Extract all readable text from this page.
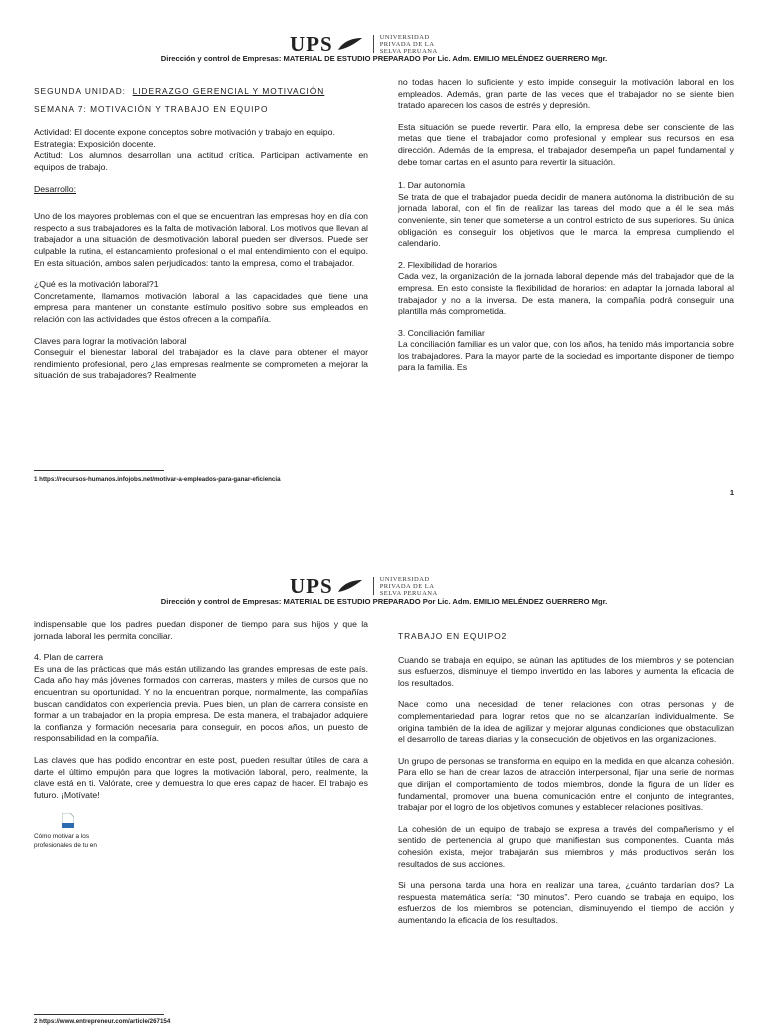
UPS	UNIVERSIDAD
PRIVADA DE LA
SELVA PERUANA
Dirección y control de Empresas: MATERIAL DE ESTUDIO PREPARADO Por Lic. Adm. EMILIO MELÉNDEZ GUERRERO Mgr.

SEGUNDA UNIDAD: LIDERAZGO GERENCIAL Y MOTIVACIÓN

SEMANA 7: MOTIVACIÓN Y TRABAJO EN EQUIPO

Actividad: El docente expone conceptos sobre motivación y trabajo en equipo.

Estrategia: Exposición docente.

Actitud: Los alumnos desarrollan una actitud crítica. Participan activamente en equipos de trabajo.

Desarrollo:

Uno de los mayores problemas con el que se encuentran las empresas hoy en día con respecto a sus trabajadores es la falta de motivación laboral. Los motivos que llevan al trabajador a una situación de desmotivación laboral pueden ser diversos. Puede ser culpable la rutina, el estancamiento profesional o el mal entendimiento con el equipo. En esta situación, ambos salen perjudicados: tanto la empresa, como el trabajador.

¿Qué es la motivación laboral?1

Concretamente, llamamos motivación laboral a las capacidades que tiene una empresa para mantener un constante estímulo positivo sobre sus empleados en relación con las actividades que éstos ofrecen a la compañía.

Claves para lograr la motivación laboral

Conseguir el bienestar laboral del trabajador es la clave para obtener el mayor rendimiento profesional, pero ¿las empresas realmente se comprometen a mejorar la situación de sus trabajadores? Realmente

no todas hacen lo suficiente y esto impide conseguir la motivación laboral en los empleados. Además, gran parte de las veces que el trabajador no se siente bien tratado aparecen los casos de estrés y depresión.

Esta situación se puede revertir. Para ello, la empresa debe ser consciente de las metas que tiene el trabajador como profesional y emplear sus recursos en esa dirección. Además de la empresa, el trabajador desempeña un papel fundamental y debe tomar cartas en el asunto para revertir la situación.

1. Dar autonomía

Se trata de que el trabajador pueda decidir de manera autónoma la distribución de su jornada laboral, con el fin de realizar las tareas del modo que a él le sea más conveniente, sin tener que someterse a un control estricto de sus superiores. Su única obligación es conseguir los objetivos que le marca la empresa cumpliendo el calendario.

2. Flexibilidad de horarios

Cada vez, la organización de la jornada laboral depende más del trabajador que de la empresa. En esto consiste la flexibilidad de horarios: en adaptar la jornada laboral al trabajador y no a la inversa. De esta manera, la compañía podrá conseguir una plantilla más comprometida.

3. Conciliación familiar

La conciliación familiar es un valor que, con los años, ha tenido más importancia sobre los trabajadores. Para la mayor parte de la sociedad es importante disponer de tiempo para la familia. Es

1 https://recursos-humanos.infojobs.net/motivar-a-empleados-para-ganar-eficiencia
1
UPS	UNIVERSIDAD
PRIVADA DE LA
SELVA PERUANA
Dirección y control de Empresas: MATERIAL DE ESTUDIO PREPARADO Por Lic. Adm. EMILIO MELÉNDEZ GUERRERO Mgr.

indispensable que los padres puedan disponer de tiempo para sus hijos y que la jornada laboral les permita conciliar.

4. Plan de carrera

Es una de las prácticas que más están utilizando las grandes empresas de este país. Cada año hay más jóvenes formados con carreras, masters y miles de cursos que no encuentran su oportunidad. Y no la encuentran porque, normalmente, las compañías buscan candidatos con experiencia previa. Pues bien, un plan de carrera consiste en formar a un trabajador en la propia empresa. De esta manera, el trabajador adquiere la confianza y formación necesaria para conseguir, en pocos años, un puesto de responsabilidad en la compañía.

Las claves que has podido encontrar en este post, pueden resultar útiles de cara a darte el último empujón para que logres la motivación laboral, pero, realmente, la clave está en ti. Valórate, cree y demuestra lo que eres capaz de hacer. El trabajo es futuro. ¡Motívate!

Cómo motivar a los profesionales de tu en

TRABAJO EN EQUIPO2

Cuando se trabaja en equipo, se aúnan las aptitudes de los miembros y se potencian sus esfuerzos, disminuye el tiempo invertido en las labores y aumenta la eficacia de los resultados.

Nace como una necesidad de tener relaciones con otras personas y de complementariedad para lograr retos que no se alcanzarían individualmente. Se origina también de la idea de agilizar y mejorar algunas condiciones que obstaculizan el desarrollo de tareas diarias y la consecución de objetivos en las organizaciones.

Un grupo de personas se transforma en equipo en la medida en que alcanza cohesión. Para ello se han de crear lazos de atracción interpersonal, fijar una serie de normas que dirijan el comportamiento de todos miembros, donde la figura de un líder es fundamental, promover una buena comunicación entre el conjunto de integrantes, trabajar por el logro de los objetivos comunes y establecer relaciones positivas.

La cohesión de un equipo de trabajo se expresa a través del compañerismo y el sentido de pertenencia al grupo que manifiestan sus componentes. Cuanta más cohesión exista, mejor trabajarán sus miembros y más productivos serán los resultados de sus acciones.

Si una persona tarda una hora en realizar una tarea, ¿cuánto tardarían dos? La respuesta matemática sería: “30 minutos”. Pero cuando se trabaja en equipo, los esfuerzos de los miembros se potencian, disminuyendo el tiempo de acción y aumentando la eficacia de los resultados.

2 https://www.entrepreneur.com/article/267154
